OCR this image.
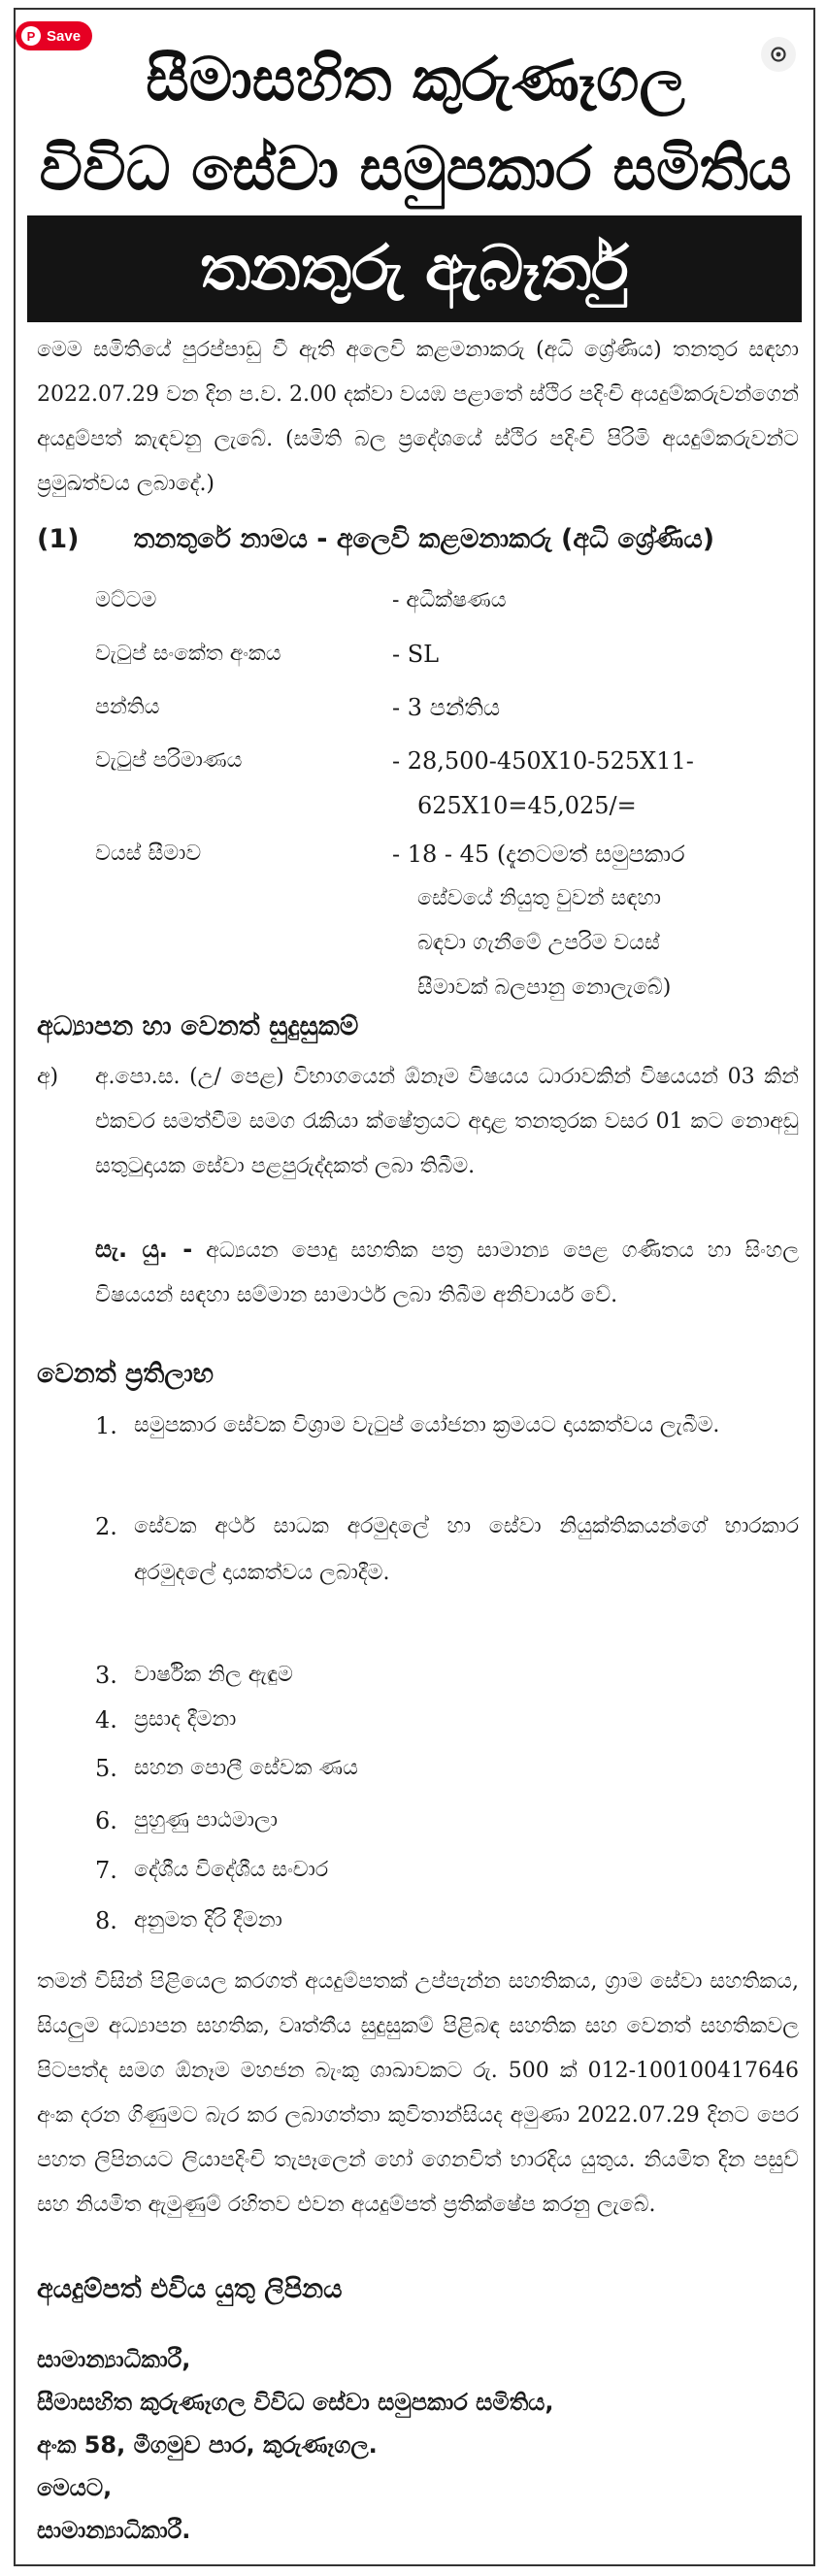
P Save
සීමාසහිත කුරුණෑගල
විවිධ සේවා සමුපකාර සමිතිය
තනතුරු ඇබෑර්තු
මෙම සමිතියේ පුරප්පාඩු වී ඇති අලෙවි කළමනාකරු (අධි ශ්‍රේණිය) තනතුර සඳහා 2022.07.29 වන දින ප.ව. 2.00 දක්වා වයඹ පළාතේ ස්ථිර පදිංචි අයදුම්කරුවන්ගෙන් අයදුම්පත් කැඳවනු ලැබේ. (සමිති බල ප්‍රදේශයේ ස්ථිර පදිංචි පිරිමි අයදුම්කරුවන්ට ප්‍රමුඛත්වය ලබාදේ.)
(1) තනතුරේ නාමය - අලෙවි කළමනාකරු (අධි ශ්‍රේණිය)
මට්ටම	- අධීක්ෂණය
වැටුප් සංකේත අංකය	- SL
පන්තිය	- 3 පන්තිය
වැටුප් පරිමාණය	- 28,500-450X10-525X11-
625X10=45,025/=
වයස් සීමාව	- 18 - 45 (දැනටමත් සමුපකාර
සේවයේ නියුතු වුවන් සඳහා
බඳවා ගැනීමේ උපරිම වයස්
සීමාවක් බලපානු නොලැබේ)
අධ්‍යාපන හා වෙනත් සුදුසුකම්
අ) අ.පො.ස. (උ/ පෙළ) විභාගයෙන් ඕනෑම විෂයය ධාරාවකින් විෂයයන් 03 කින් එකවර සමත්වීම සමග රැකියා ක්ෂේත්‍රයට අදාළ තනතුරක වසර 01 කට නොඅඩු සතුටුදායක සේවා පළපුරුද්දකත් ලබා තිබීම.
සැ. යු. - අධ්‍යයන පොදු සහතික පත්‍ර සාමාන්‍ය පෙළ ගණිතය හා සිංහල විෂයයන් සඳහා සම්මාන සාමාර්ථ ලබා තිබීම අනිවාර්ය වේ.
වෙනත් ප්‍රතිලාභ
1. සමුපකාර සේවක විශ්‍රාම වැටුප් යෝජනා ක්‍රමයට දායකත්වය ලැබීම.
2. සේවක අර්ථ සාධක අරමුදලේ හා සේවා නියුක්තිකයන්ගේ භාරකාර අරමුදලේ දායකත්වය ලබාදීම.
3. වාර්ෂික නිල ඇඳුම
4. ප්‍රසාද දීමනා
5. සහන පොලී සේවක ණය
6. පුහුණු පාඨමාලා
7. දේශීය විදේශීය සංචාර
8. අනුමත දිරි දීමනා
තමන් විසින් පිළියෙල කරගත් අයදුම්පතක් උප්පැන්න සහතිකය, ග්‍රාම සේවා සහතිකය, සියලුම අධ්‍යාපන සහතික, වෘත්තීය සුදුසුකම් පිළිබඳ සහතික සහ වෙනත් සහතිකවල පිටපත්ද සමග ඕනෑම මහජන බැංකු ශාඛාවකට රු. 500 ක් 012-100100417646 අංක දරන ගිණුමට බැර කර ලබාගත්තා කුවිතාන්සියද අමුණා 2022.07.29 දිනට පෙර පහත ලිපිනයට ලියාපදිංචි තැපෑලෙන් හෝ ගෙනවිත් භාරදිය යුතුය. නියමිත දින පසුව් සහ නියමිත ඇමුණුම් රහිතව එවන අයදුම්පත් ප්‍රතික්ෂේප කරනු ලැබේ.
අයදුම්පත් එවිය යුතු ලිපිනය
සාමාන්‍යාධිකාරී,
සීමාසහිත කුරුණෑගල විවිධ සේවා සමුපකාර සමිතිය,
අංක 58, මීගමුව පාර, කුරුණෑගල.
මෙයට,
සාමාන්‍යාධිකාරී.
